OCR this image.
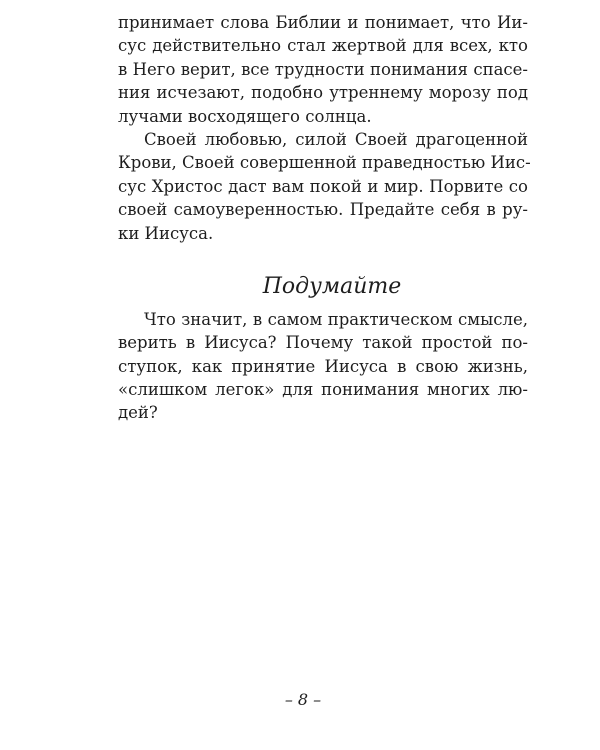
принимает слова Библии и понимает, что Ии-
сус действительно стал жертвой для всех, кто
в Него верит, все трудности понимания спасе-
ния исчезают, подобно утреннему морозу под
лучами восходящего солнца.
Своей любовью, силой Своей драгоценной
Крови, Своей совершенной праведностью Иис-
сус Христос даст вам покой и мир. Порвите со
своей самоуверенностью. Предайте себя в ру-
ки Иисуса.
Подумайте
Что значит, в самом практическом смысле,
верить в Иисуса? Почему такой простой по-
ступок, как принятие Иисуса в свою жизнь,
«слишком легок» для понимания многих лю-
дей?
– 8 –
